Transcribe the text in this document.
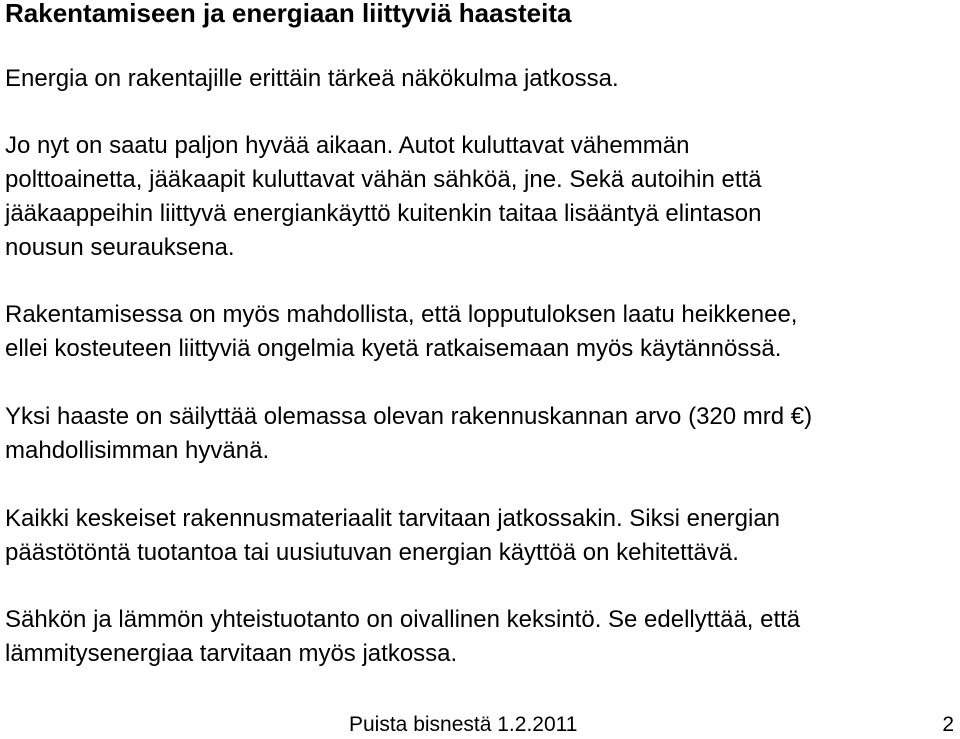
Rakentamiseen ja energiaan liittyviä haasteita

Energia on rakentajille erittäin tärkeä näkökulma jatkossa.

Jo nyt on saatu paljon hyvää aikaan. Autot kuluttavat vähemmän
polttoainetta, jääkaapit kuluttavat vähän sähköä, jne. Sekä autoihin että
jääkaappeihin liittyvä energiankäyttö kuitenkin taitaa lisääntyä elintason
nousun seurauksena.

Rakentamisessa on myös mahdollista, että lopputuloksen laatu heikkenee,
ellei kosteuteen liittyviä ongelmia kyetä ratkaisemaan myös käytännössä.

Yksi haaste on säilyttää olemassa olevan rakennuskannan arvo (320 mrd €)
mahdollisimman hyvänä.

Kaikki keskeiset rakennusmateriaalit tarvitaan jatkossakin. Siksi energian
päästötöntä tuotantoa tai uusiutuvan energian käyttöä on kehitettävä.

Sähkön ja lämmön yhteistuotanto on oivallinen keksintö. Se edellyttää, että
lämmitysenergiaa tarvitaan myös jatkossa.

Puista bisnestä 1.2.2011	2
